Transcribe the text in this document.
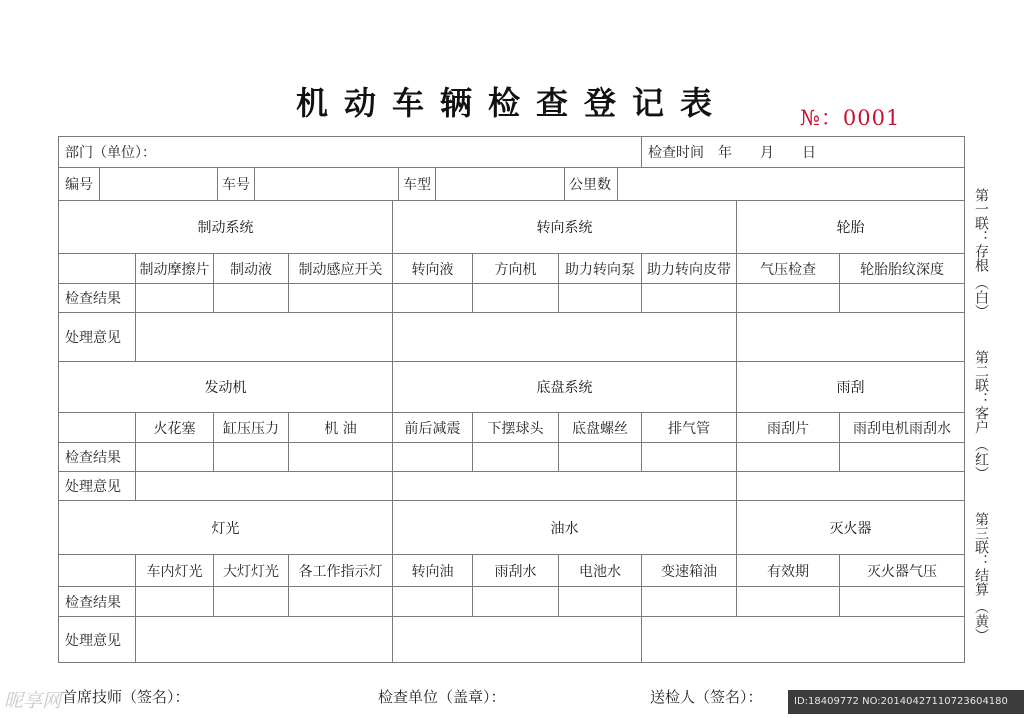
机动车辆检查登记表	№：0001
部门（单位）：							检查时间 年 月 日		

编号 车号 车型 公里数									

制动系统				转向系统				轮胎	
	制动摩擦片	制动液	制动感应开关	转向液	方向机	助力转向泵	助力转向皮带	气压检查	轮胎胎纹深度
检查结果									
处理意见									
发动机				底盘系统				雨刮	
	火花塞	缸压压力	机 油	前后减震	下摆球头	底盘螺丝	排气管	雨刮片	雨刮电机雨刮水
检查结果									
处理意见									
灯光				油水				灭火器	
	车内灯光	大灯灯光	各工作指示灯	转向油	雨刮水	电池水	变速箱油	有效期	灭火器气压
检查结果									
处理意见									
第一联：存根
（白）
第二联：客户
（红）
第三联：结算
（黄）
昵享网 首席技师（签名）：	检查单位（盖章）：	送检人（签名）：	ID:18409772 NO:20140427110723604180
